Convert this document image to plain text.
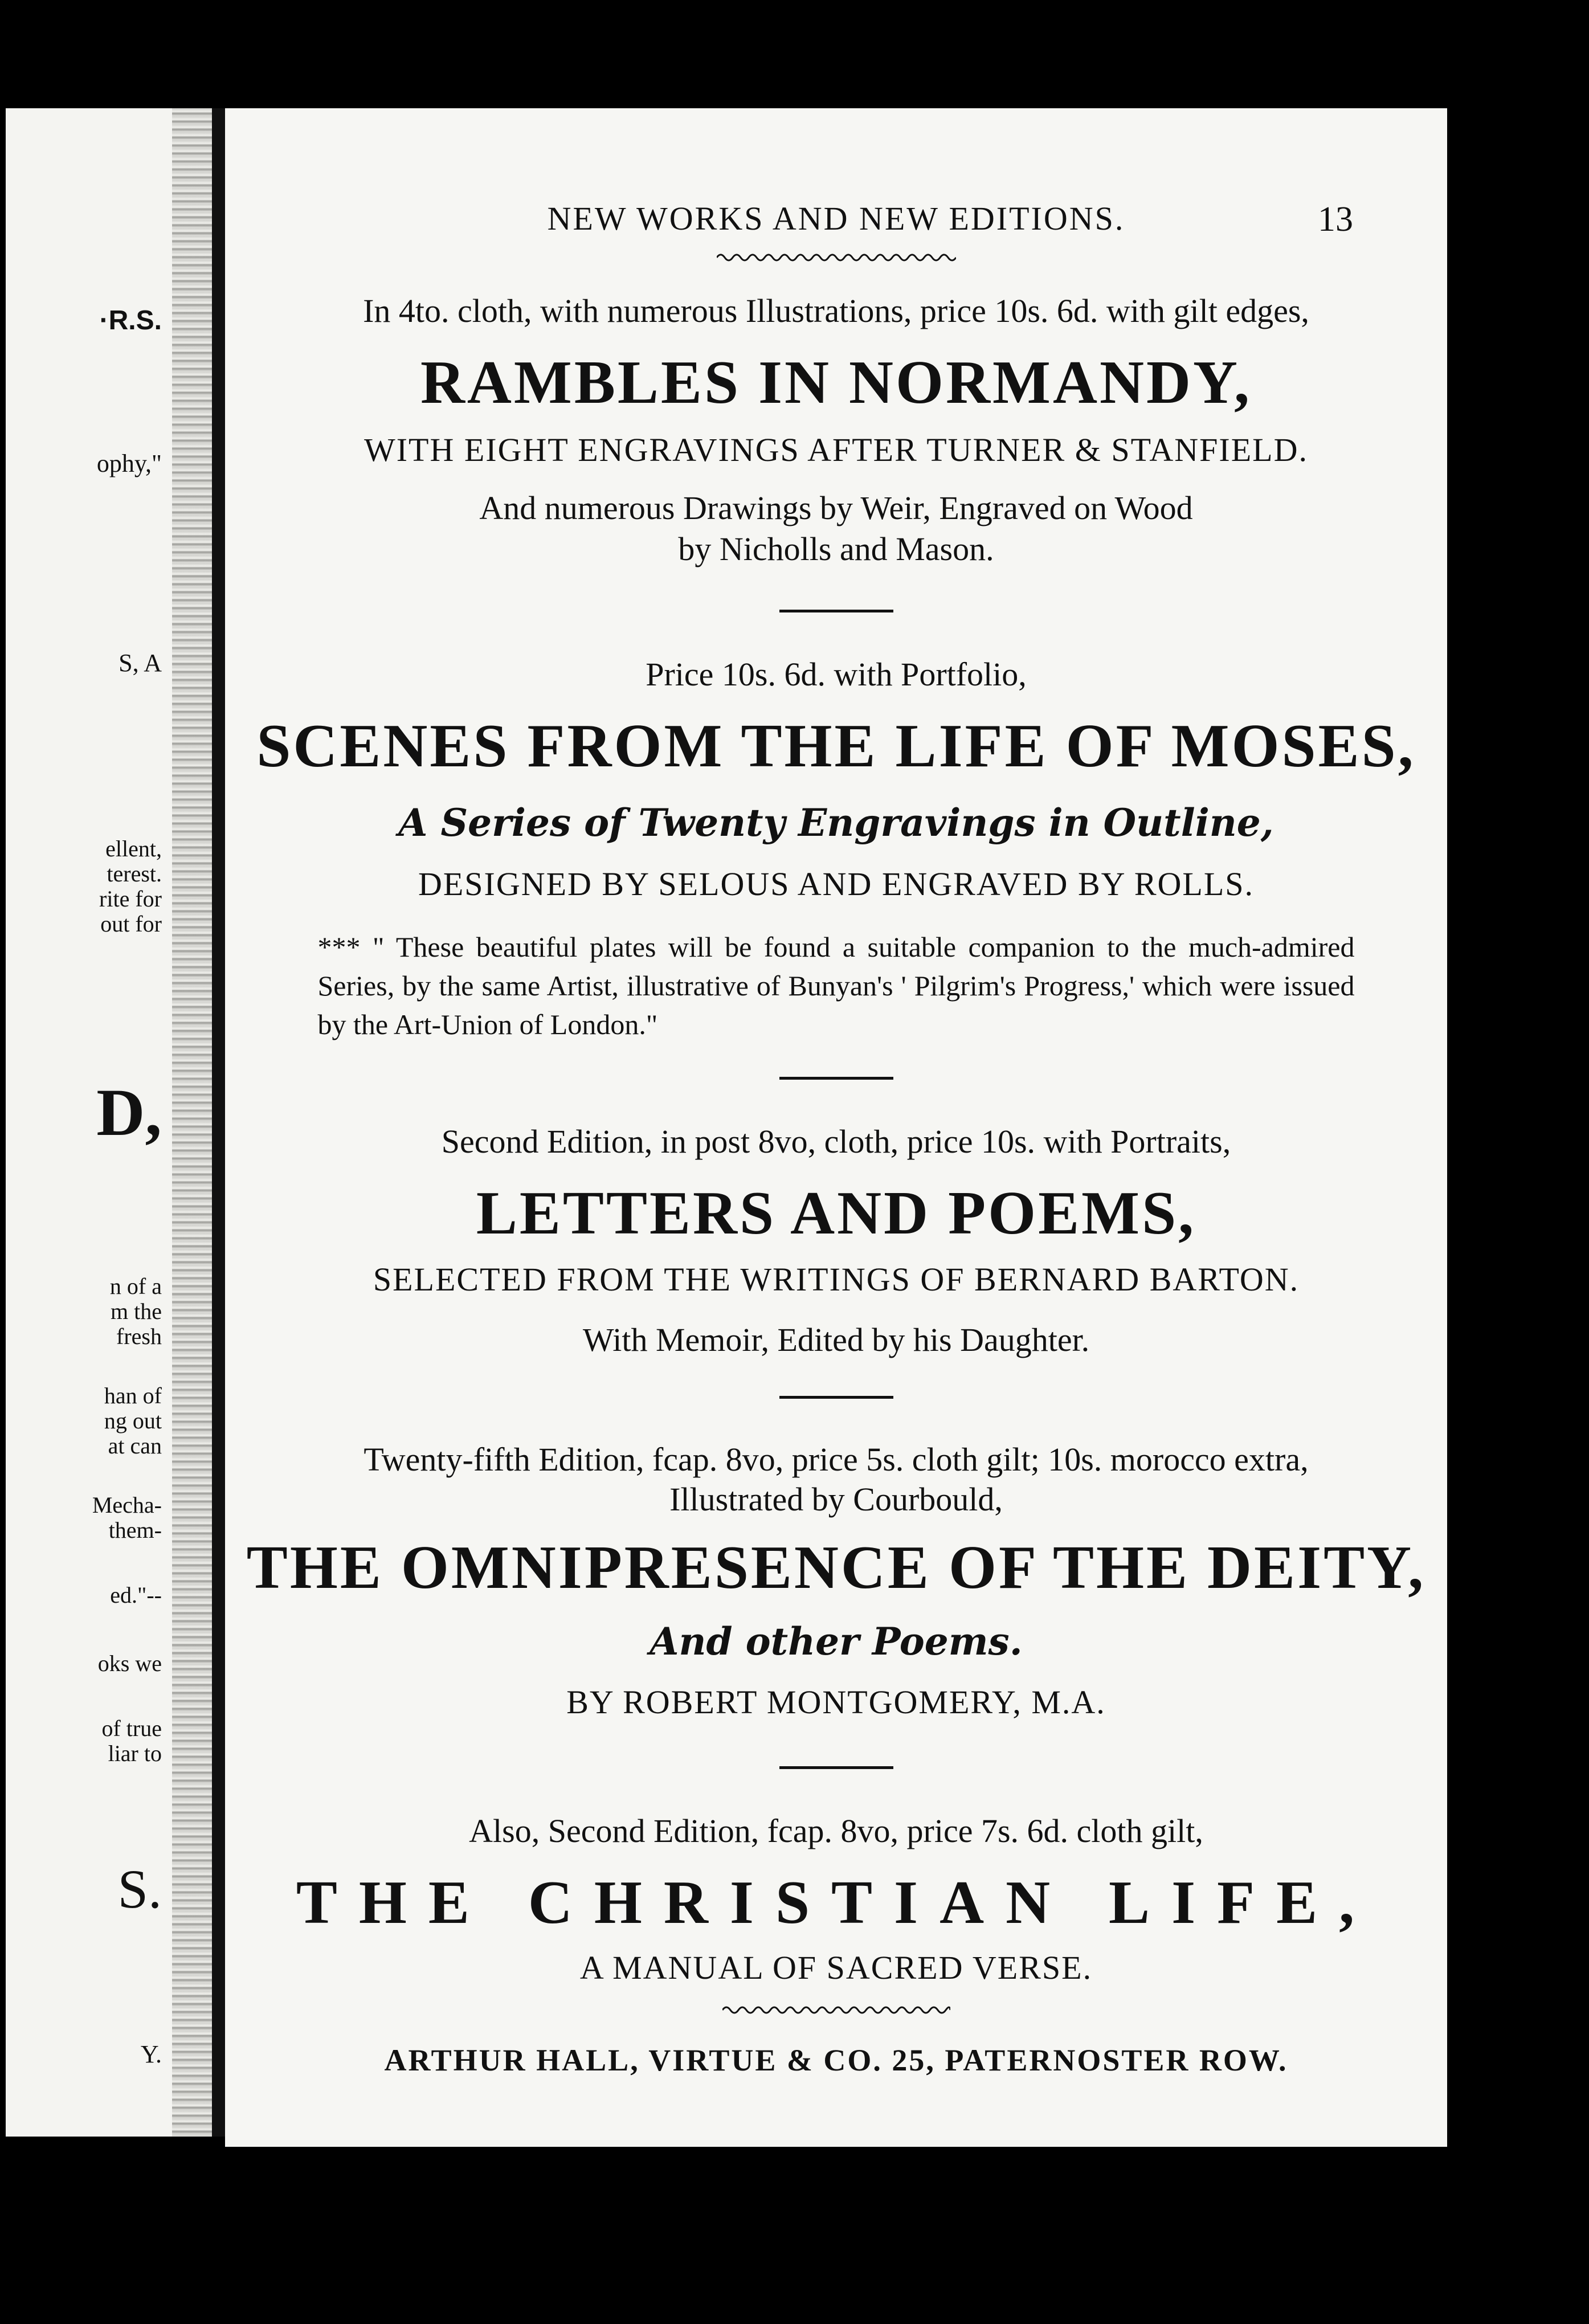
·R.S.
ophy,"
S, A
ellent,
terest.
rite for
out for
D,
n of a
m the
fresh
han of
ng out
at can
Mecha-
them-
ed."--
oks we
of true
liar to
S.
Y.
NEW WORKS AND NEW EDITIONS.	13
In 4to. cloth, with numerous Illustrations, price 10s. 6d. with gilt edges,
RAMBLES IN NORMANDY,
WITH EIGHT ENGRAVINGS AFTER TURNER & STANFIELD.
And numerous Drawings by Weir, Engraved on Wood
by Nicholls and Mason.
Price 10s. 6d. with Portfolio,
SCENES FROM THE LIFE OF MOSES,
A Series of Twenty Engravings in Outline,
DESIGNED BY SELOUS AND ENGRAVED BY ROLLS.
*** " These beautiful plates will be found a suitable companion to the much-admired Series, by the same Artist, illustrative of Bunyan's ' Pilgrim's Progress,' which were issued by the Art-Union of London."
Second Edition, in post 8vo, cloth, price 10s. with Portraits,
LETTERS AND POEMS,
SELECTED FROM THE WRITINGS OF BERNARD BARTON.
With Memoir, Edited by his Daughter.
Twenty-fifth Edition, fcap. 8vo, price 5s. cloth gilt; 10s. morocco extra,
Illustrated by Courbould,
THE OMNIPRESENCE OF THE DEITY,
And other Poems.
BY ROBERT MONTGOMERY, M.A.
Also, Second Edition, fcap. 8vo, price 7s. 6d. cloth gilt,
THE CHRISTIAN LIFE,
A MANUAL OF SACRED VERSE.
ARTHUR HALL, VIRTUE & CO. 25, PATERNOSTER ROW.
